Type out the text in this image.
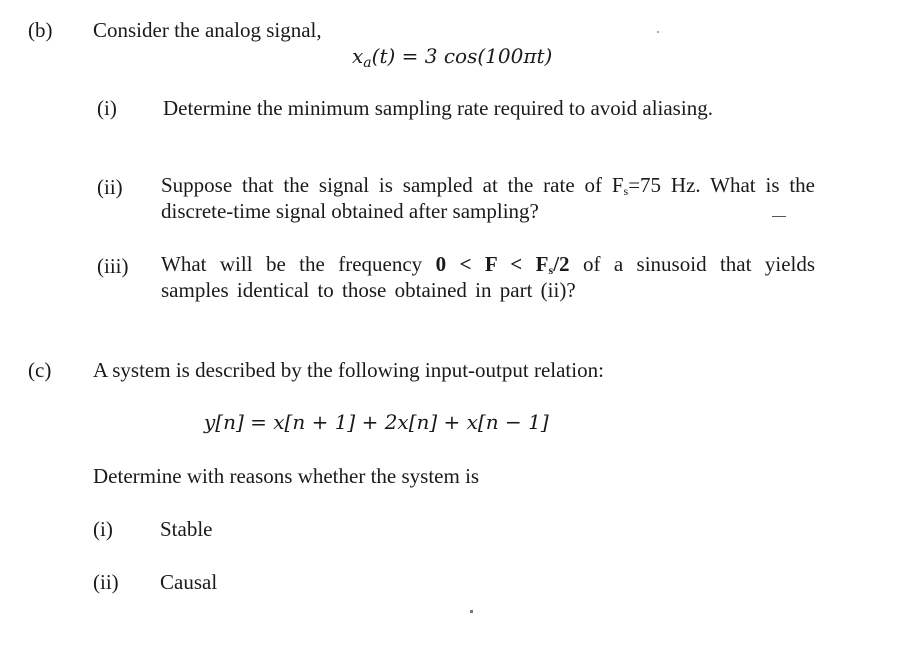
(b) Consider the analog signal,
$x_a(t) = 3$ cos(100πt)
(i) Determine the minimum sampling rate required to avoid aliasing.
(ii) Suppose that the signal is sampled at the rate of $F_s=75$ Hz. What is the discrete-time signal obtained after sampling?
(iii) What will be the frequency $0 < F < F_s/2$ of a sinusoid that yields samples identical to those obtained in part (ii)?
(c) A system is described by the following input-output relation:
y[n] = x[n + 1] + 2x[n] + x[n − 1]
Determine with reasons whether the system is
(i) Stable
(ii) Causal
